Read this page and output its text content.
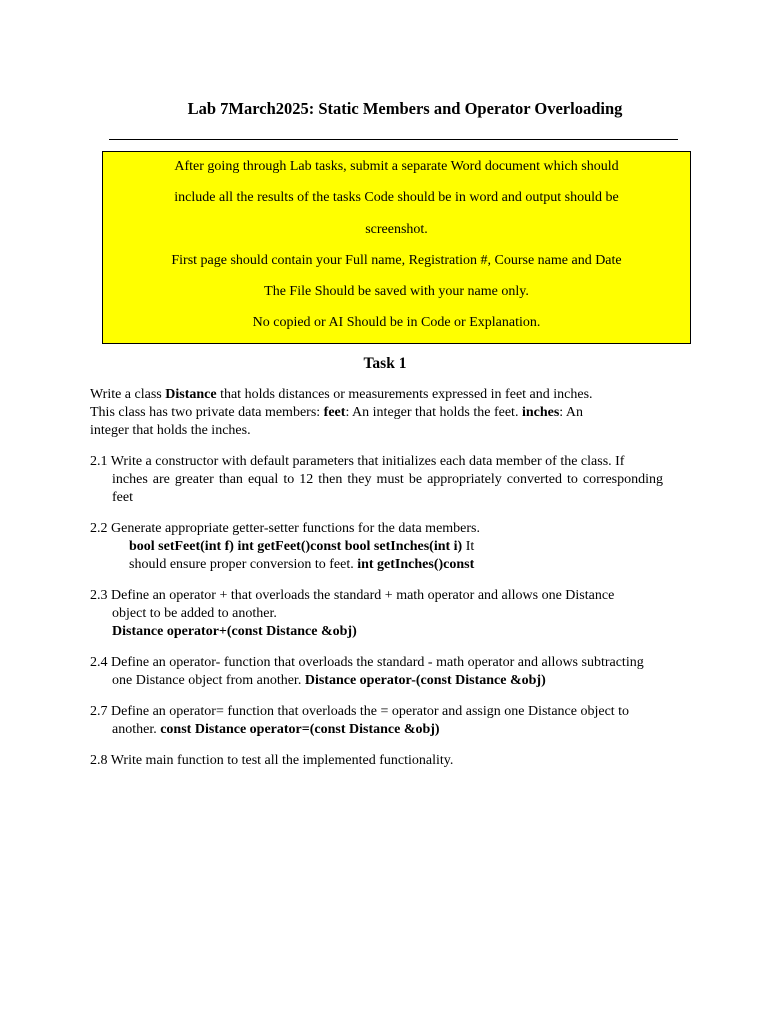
Lab 7March2025: Static Members and Operator Overloading
After going through Lab tasks, submit a separate Word document which should
include all the results of the tasks Code should be in word and output should be
screenshot.
First page should contain your Full name, Registration #, Course name and Date
The File Should be saved with your name only.
No copied or AI Should be in Code or Explanation.
Task 1
Write a class Distance that holds distances or measurements expressed in feet and inches.
This class has two private data members: feet: An integer that holds the feet. inches: An
integer that holds the inches.
2.1 Write a constructor with default parameters that initializes each data member of the class. If
inches are greater than equal to 12 then they must be appropriately converted to corresponding feet
2.2 Generate appropriate getter-setter functions for the data members.
bool setFeet(int f) int getFeet()const bool setInches(int i) It
should ensure proper conversion to feet. int getInches()const
2.3 Define an operator + that overloads the standard + math operator and allows one Distance
object to be added to another.
Distance operator+(const Distance &obj)
2.4 Define an operator- function that overloads the standard - math operator and allows subtracting
one Distance object from another. Distance operator-(const Distance &obj)
2.7 Define an operator= function that overloads the = operator and assign one Distance object to
another. const Distance operator=(const Distance &obj)
2.8 Write main function to test all the implemented functionality.
